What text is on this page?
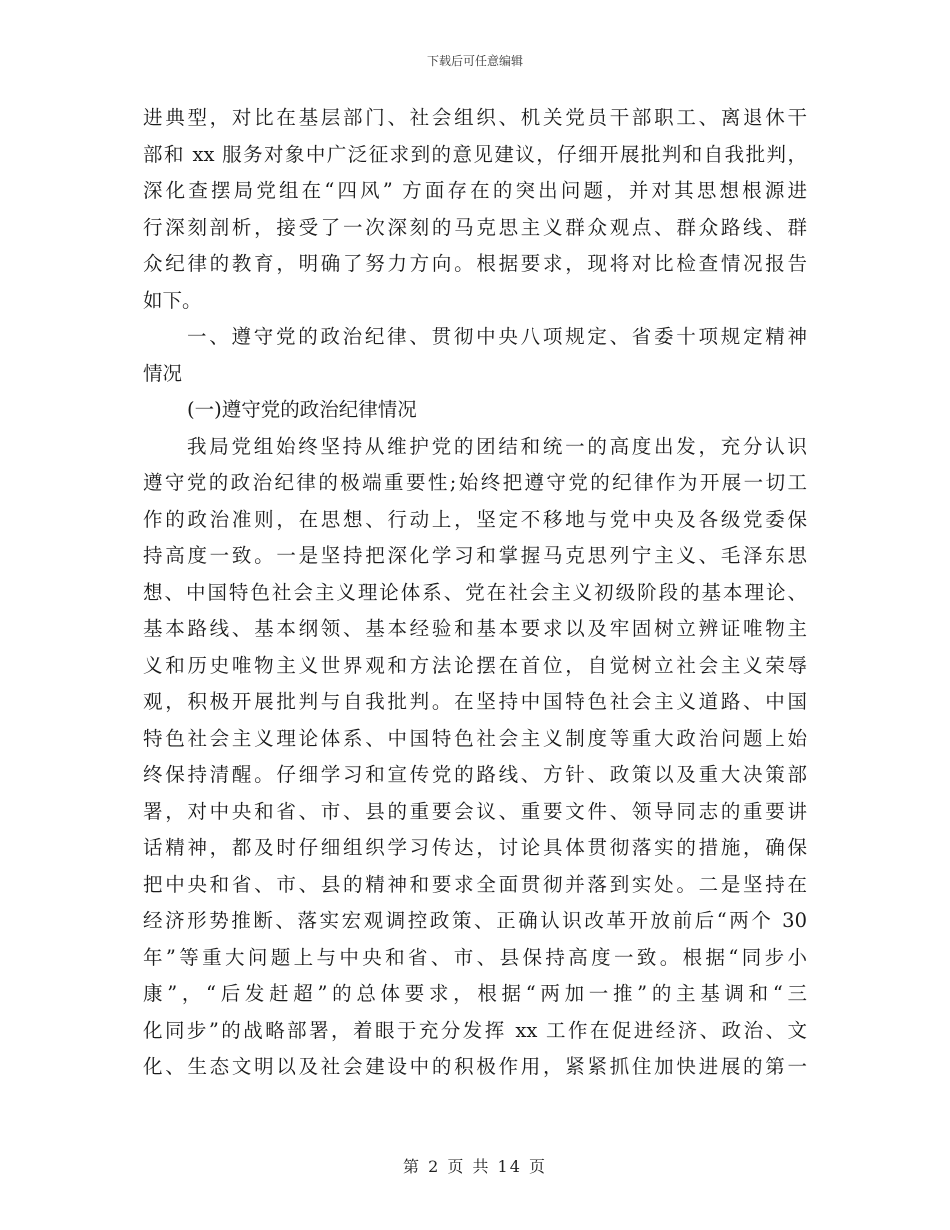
下载后可任意编辑
进典型，对比在基层部门、社会组织、机关党员干部职工、离退休干
部和 xx 服务对象中广泛征求到的意见建议，仔细开展批判和自我批判，
深化查摆局党组在“四风” 方面存在的突出问题，并对其思想根源进
行深刻剖析，接受了一次深刻的马克思主义群众观点、群众路线、群
众纪律的教育，明确了努力方向。根据要求，现将对比检查情况报告
如下。
一、遵守党的政治纪律、贯彻中央八项规定、省委十项规定精神
情况
(一)遵守党的政治纪律情况
我局党组始终坚持从维护党的团结和统一的高度出发，充分认识
遵守党的政治纪律的极端重要性;始终把遵守党的纪律作为开展一切工
作的政治准则，在思想、行动上，坚定不移地与党中央及各级党委保
持高度一致。一是坚持把深化学习和掌握马克思列宁主义、毛泽东思
想、中国特色社会主义理论体系、党在社会主义初级阶段的基本理论、
基本路线、基本纲领、基本经验和基本要求以及牢固树立辨证唯物主
义和历史唯物主义世界观和方法论摆在首位，自觉树立社会主义荣辱
观，积极开展批判与自我批判。在坚持中国特色社会主义道路、中国
特色社会主义理论体系、中国特色社会主义制度等重大政治问题上始
终保持清醒。仔细学习和宣传党的路线、方针、政策以及重大决策部
署，对中央和省、市、县的重要会议、重要文件、领导同志的重要讲
话精神，都及时仔细组织学习传达，讨论具体贯彻落实的措施，确保
把中央和省、市、县的精神和要求全面贯彻并落到实处。二是坚持在
经济形势推断、落实宏观调控政策、正确认识改革开放前后“两个 30
年”等重大问题上与中央和省、市、县保持高度一致。根据“同步小
康”，“后发赶超”的总体要求，根据“两加一推”的主基调和“三
化同步”的战略部署，着眼于充分发挥 xx 工作在促进经济、政治、文
化、生态文明以及社会建设中的积极作用，紧紧抓住加快进展的第一
第 2 页 共 14 页
